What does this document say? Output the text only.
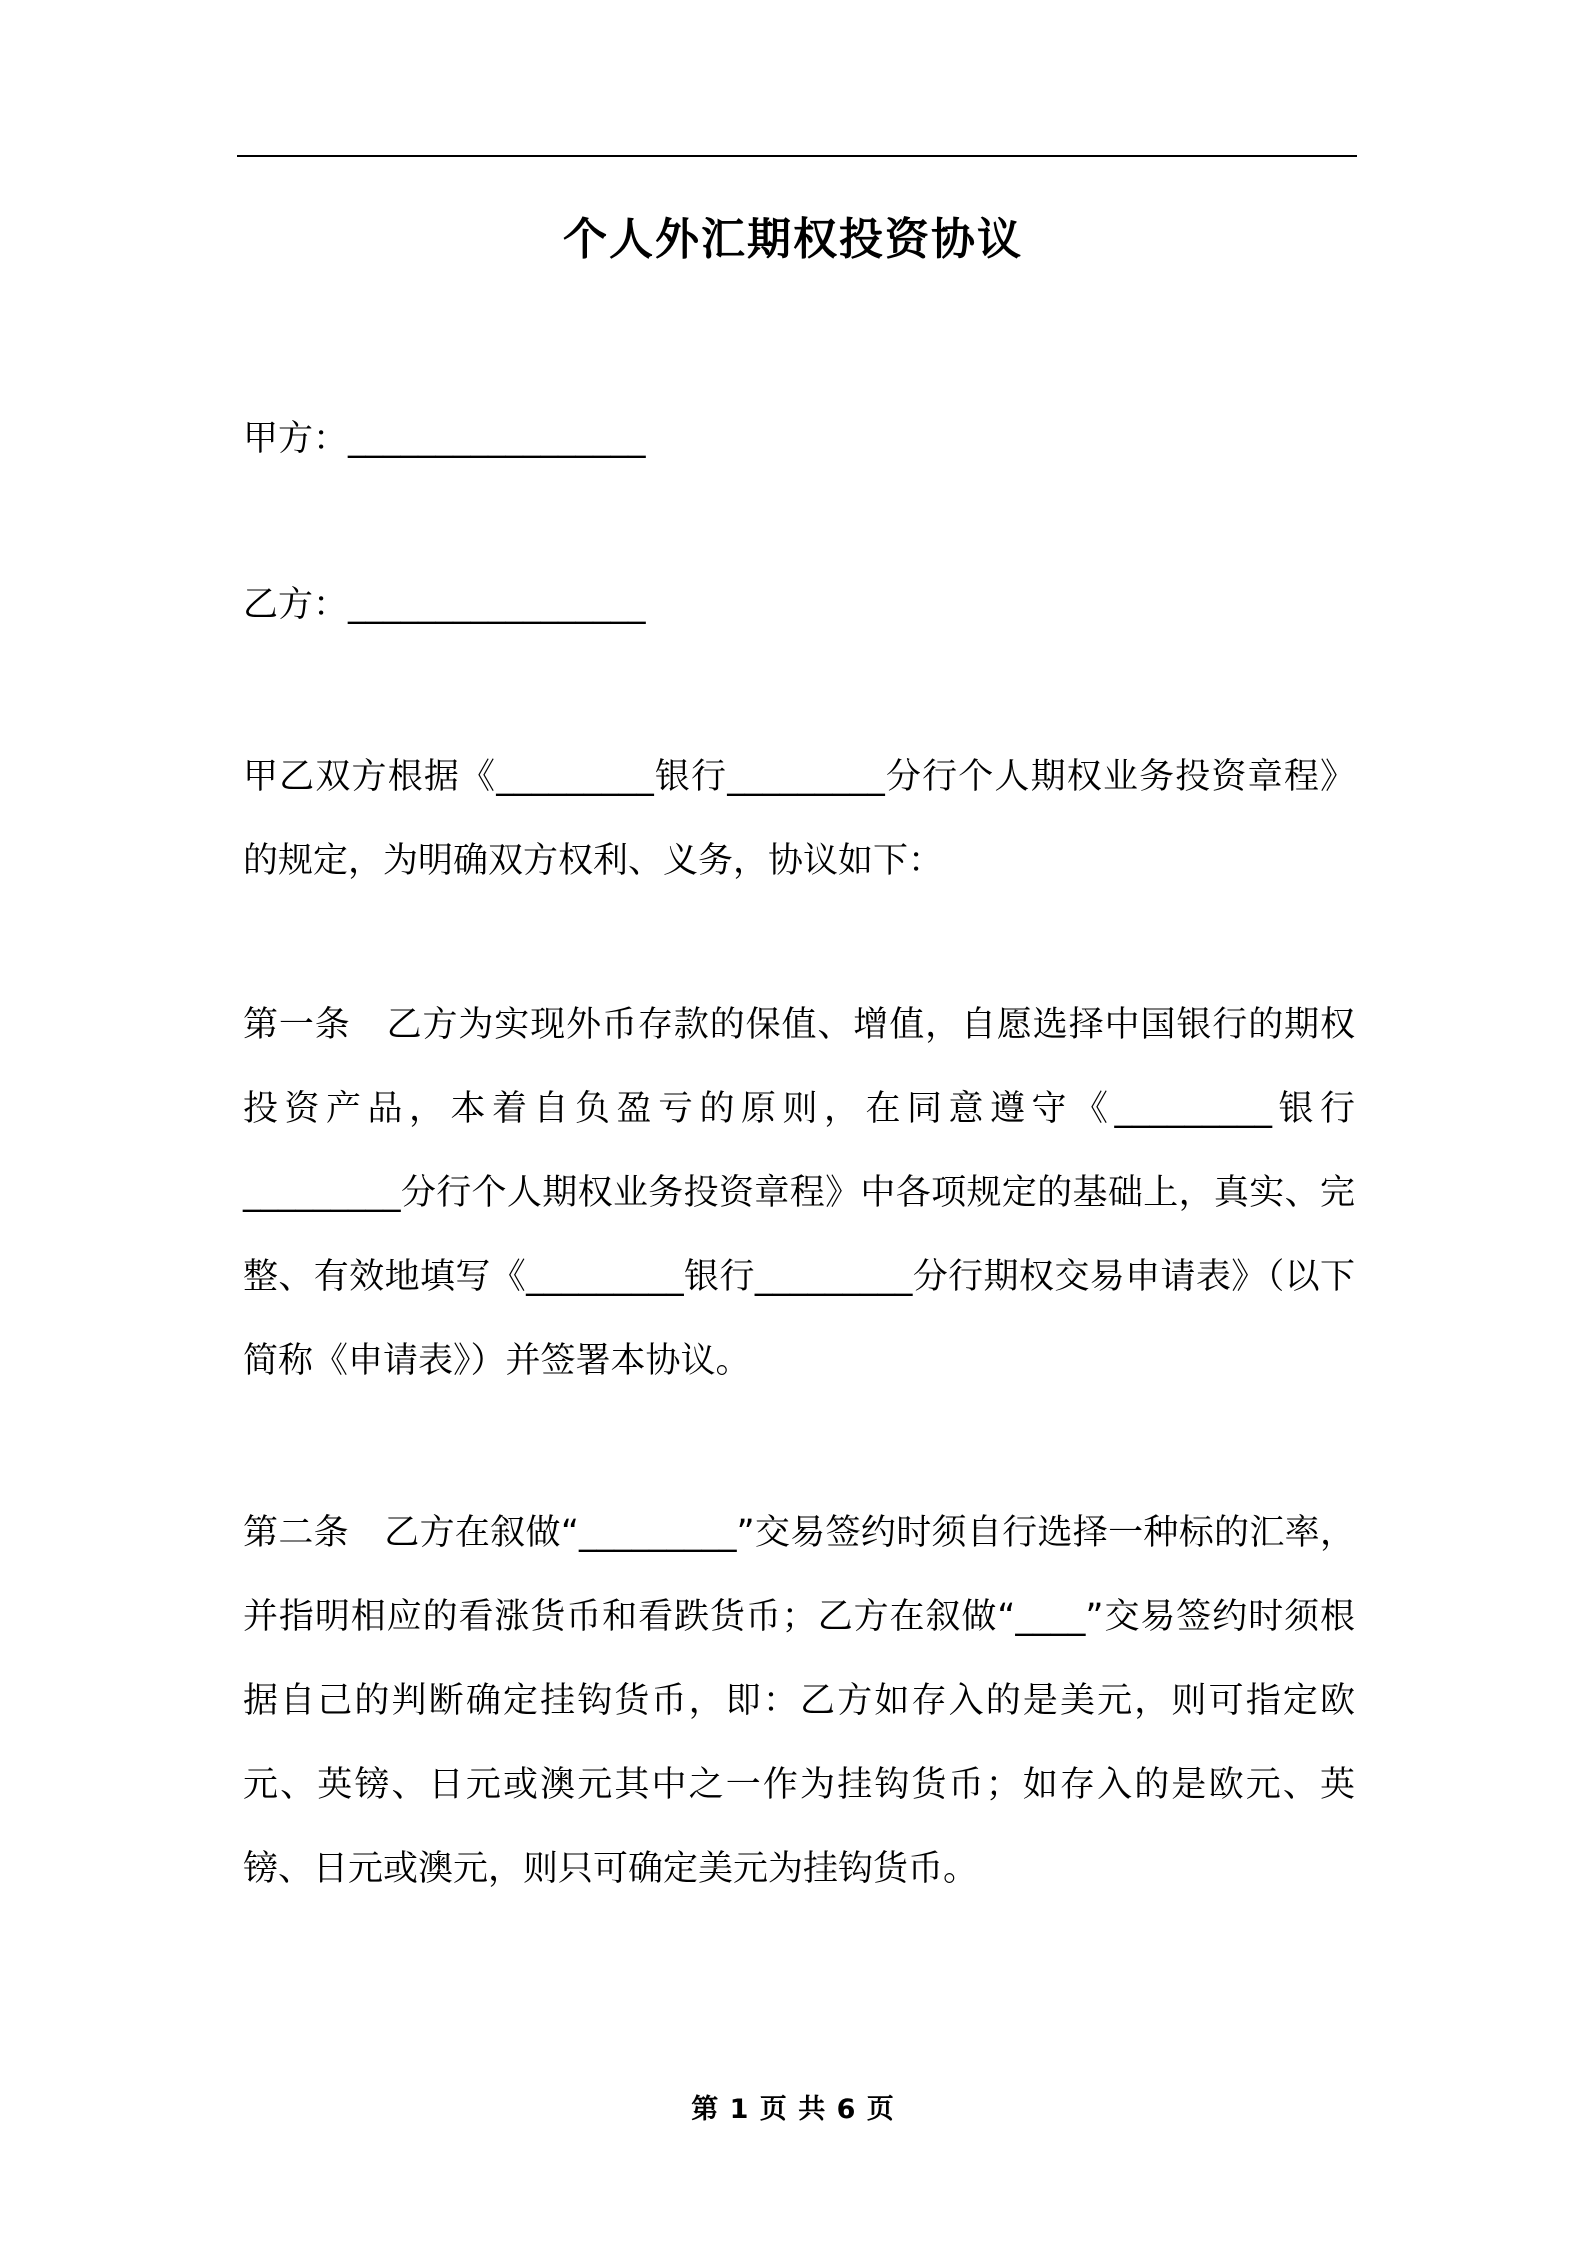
个人外汇期权投资协议
甲方：_________________
乙方：_________________
甲乙双方根据《_________银行_________分行个人期权业务投资章程》的规定，为明确双方权利、义务，协议如下：
第一条　乙方为实现外币存款的保值、增值，自愿选择中国银行的期权投资产品，本着自负盈亏的原则，在同意遵守《_________银行_________分行个人期权业务投资章程》中各项规定的基础上，真实、完整、有效地填写《_________银行_________分行期权交易申请表》（以下简称《申请表》）并签署本协议。
第二条　乙方在叙做“_________”交易签约时须自行选择一种标的汇率，并指明相应的看涨货币和看跌货币；乙方在叙做“____”交易签约时须根据自己的判断确定挂钩货币，即：乙方如存入的是美元，则可指定欧元、英镑、日元或澳元其中之一作为挂钩货币；如存入的是欧元、英镑、日元或澳元，则只可确定美元为挂钩货币。
第 1 页 共 6 页
